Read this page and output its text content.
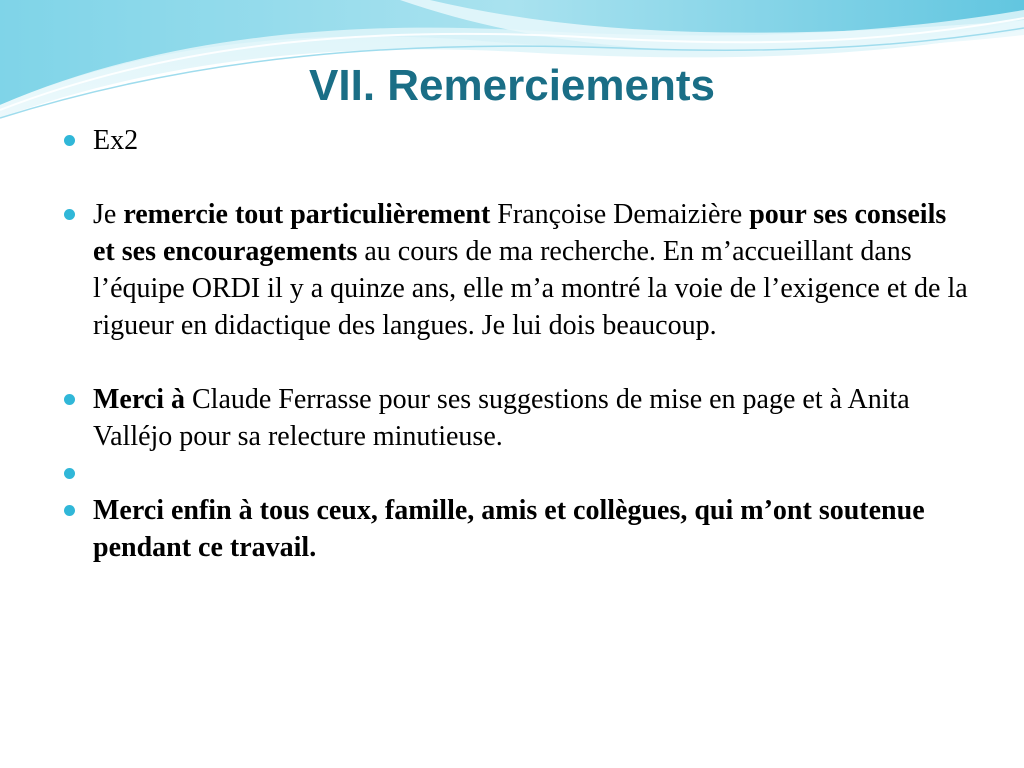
VII. Remerciements
Ex2
Je remercie tout particulièrement Françoise Demaizière pour ses conseils et ses encouragements au cours de ma recherche. En m’accueillant dans l’équipe ORDI il y a quinze ans, elle m’a montré la voie de l’exigence et de la rigueur en didactique des langues. Je lui dois beaucoup.
Merci à Claude Ferrasse pour ses suggestions de mise en page et à Anita Valléjo pour sa relecture minutieuse.
Merci enfin à tous ceux, famille, amis et collègues, qui m’ont soutenue pendant ce travail.
